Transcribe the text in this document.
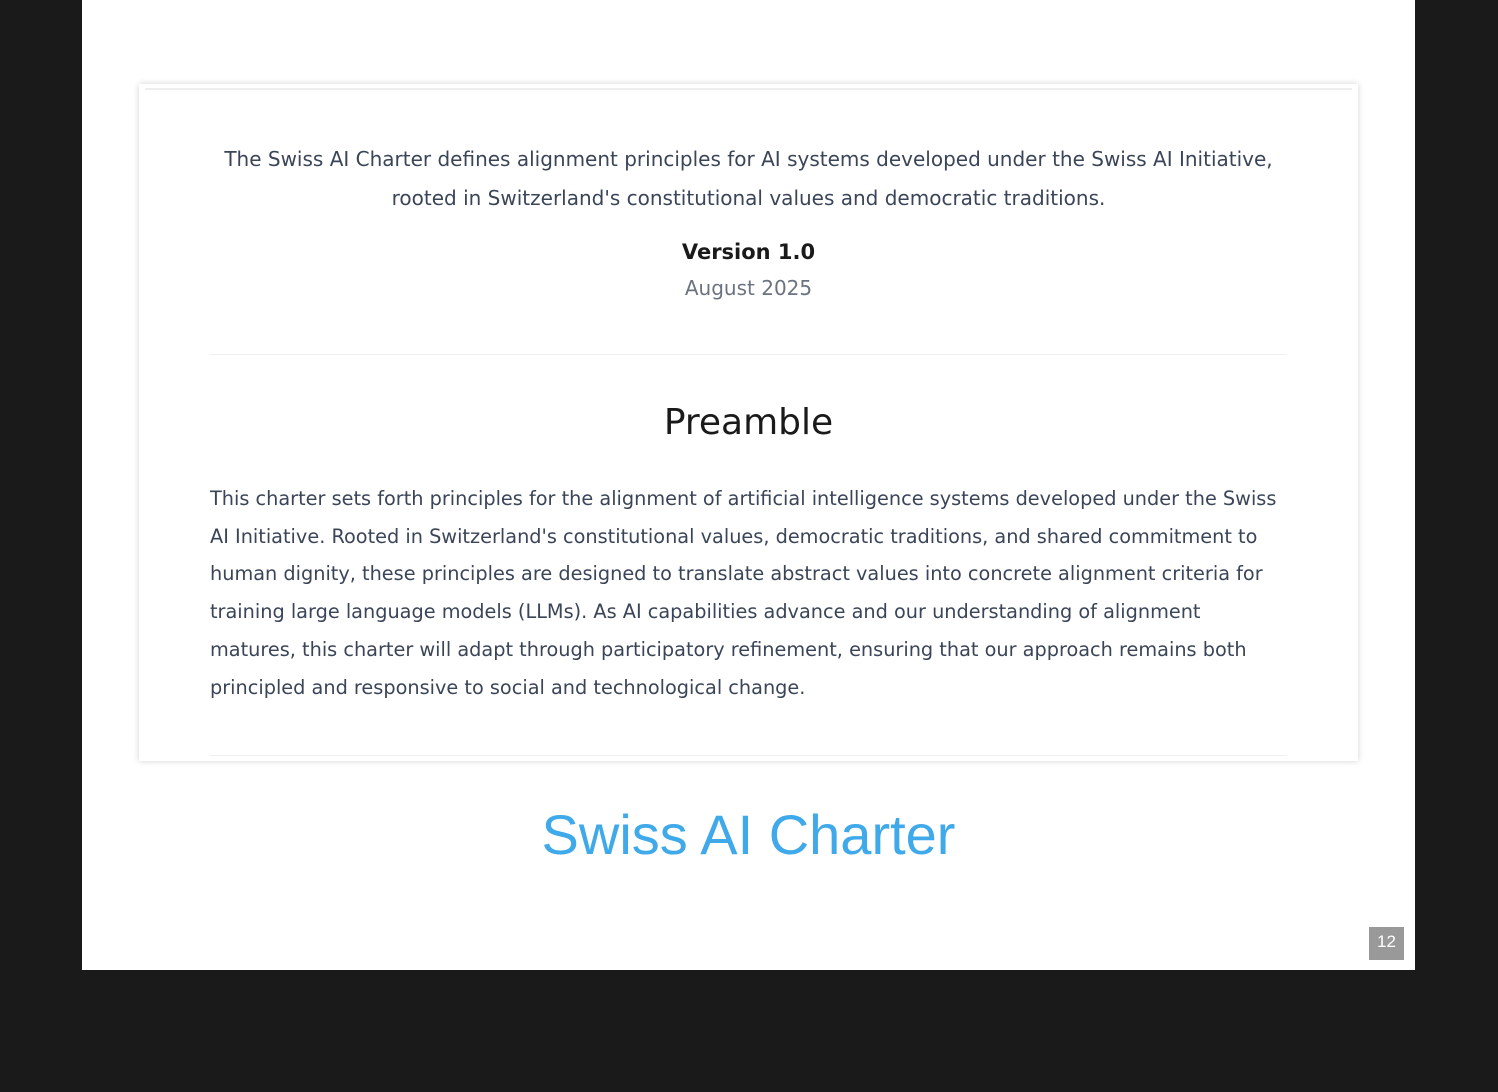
The Swiss AI Charter defines alignment principles for AI systems developed under the Swiss AI Initiative, rooted in Switzerland's constitutional values and democratic traditions.
Version 1.0
August 2025
Preamble
This charter sets forth principles for the alignment of artificial intelligence systems developed under the Swiss AI Initiative. Rooted in Switzerland's constitutional values, democratic traditions, and shared commitment to human dignity, these principles are designed to translate abstract values into concrete alignment criteria for training large language models (LLMs). As AI capabilities advance and our understanding of alignment matures, this charter will adapt through participatory refinement, ensuring that our approach remains both principled and responsive to social and technological change.
Swiss AI Charter
12
